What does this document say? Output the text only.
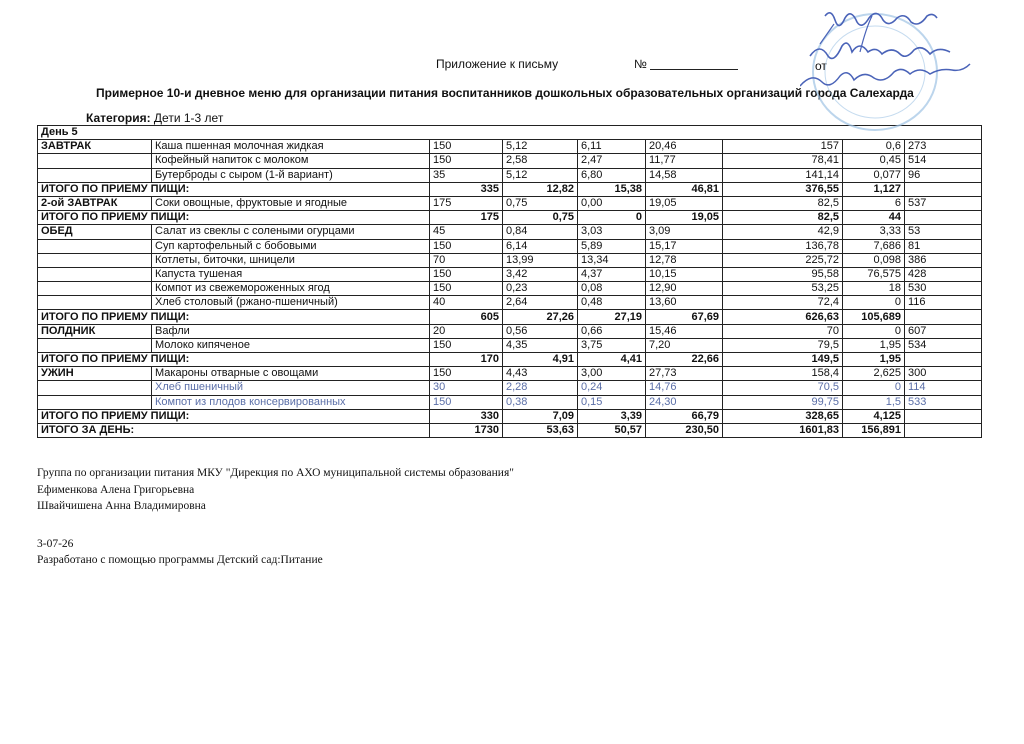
Приложение к письму	№	от
Примерное 10-и дневное меню для организации питания воспитанников дошкольных образовательных организаций города Салехарда
Категория: Дети 1-3 лет
День 5								
ЗАВТРАК	Каша пшенная молочная жидкая	150	5,12	6,11	20,46	157	0,6	273
	Кофейный напиток с молоком	150	2,58	2,47	11,77	78,41	0,45	514
	Бутерброды с сыром (1-й вариант)	35	5,12	6,80	14,58	141,14	0,077	96
ИТОГО ПО ПРИЕМУ ПИЩИ:		335	12,82	15,38	46,81	376,55	1,127	
2-ой ЗАВТРАК	Соки овощные, фруктовые и ягодные	175	0,75	0,00	19,05	82,5	6	537
ИТОГО ПО ПРИЕМУ ПИЩИ:		175	0,75	0	19,05	82,5	44	
ОБЕД	Салат из свеклы с солеными огурцами	45	0,84	3,03	3,09	42,9	3,33	53
	Суп картофельный с бобовыми	150	6,14	5,89	15,17	136,78	7,686	81
	Котлеты, биточки, шницели	70	13,99	13,34	12,78	225,72	0,098	386
	Капуста тушеная	150	3,42	4,37	10,15	95,58	76,575	428
	Компот из свежемороженных ягод	150	0,23	0,08	12,90	53,25	18	530
	Хлеб столовый (ржано-пшеничный)	40	2,64	0,48	13,60	72,4	0	116
ИТОГО ПО ПРИЕМУ ПИЩИ:		605	27,26	27,19	67,69	626,63	105,689	
ПОЛДНИК	Вафли	20	0,56	0,66	15,46	70	0	607
	Молоко кипяченое	150	4,35	3,75	7,20	79,5	1,95	534
ИТОГО ПО ПРИЕМУ ПИЩИ:		170	4,91	4,41	22,66	149,5	1,95	
УЖИН	Макароны отварные с овощами	150	4,43	3,00	27,73	158,4	2,625	300
	Хлеб пшеничный	30	2,28	0,24	14,76	70,5	0	114
	Компот из плодов консервированных	150	0,38	0,15	24,30	99,75	1,5	533
ИТОГО ПО ПРИЕМУ ПИЩИ:		330	7,09	3,39	66,79	328,65	4,125	
ИТОГО ЗА ДЕНЬ:		1730	53,63	50,57	230,50	1601,83	156,891	

Группа по организации питания МКУ "Дирекция по АХО муниципальной системы образования"

Ефименкова Алена Григорьевна

Швайчишена Анна Владимировна

3-07-26

Разработано с помощью программы Детский сад:Питание
